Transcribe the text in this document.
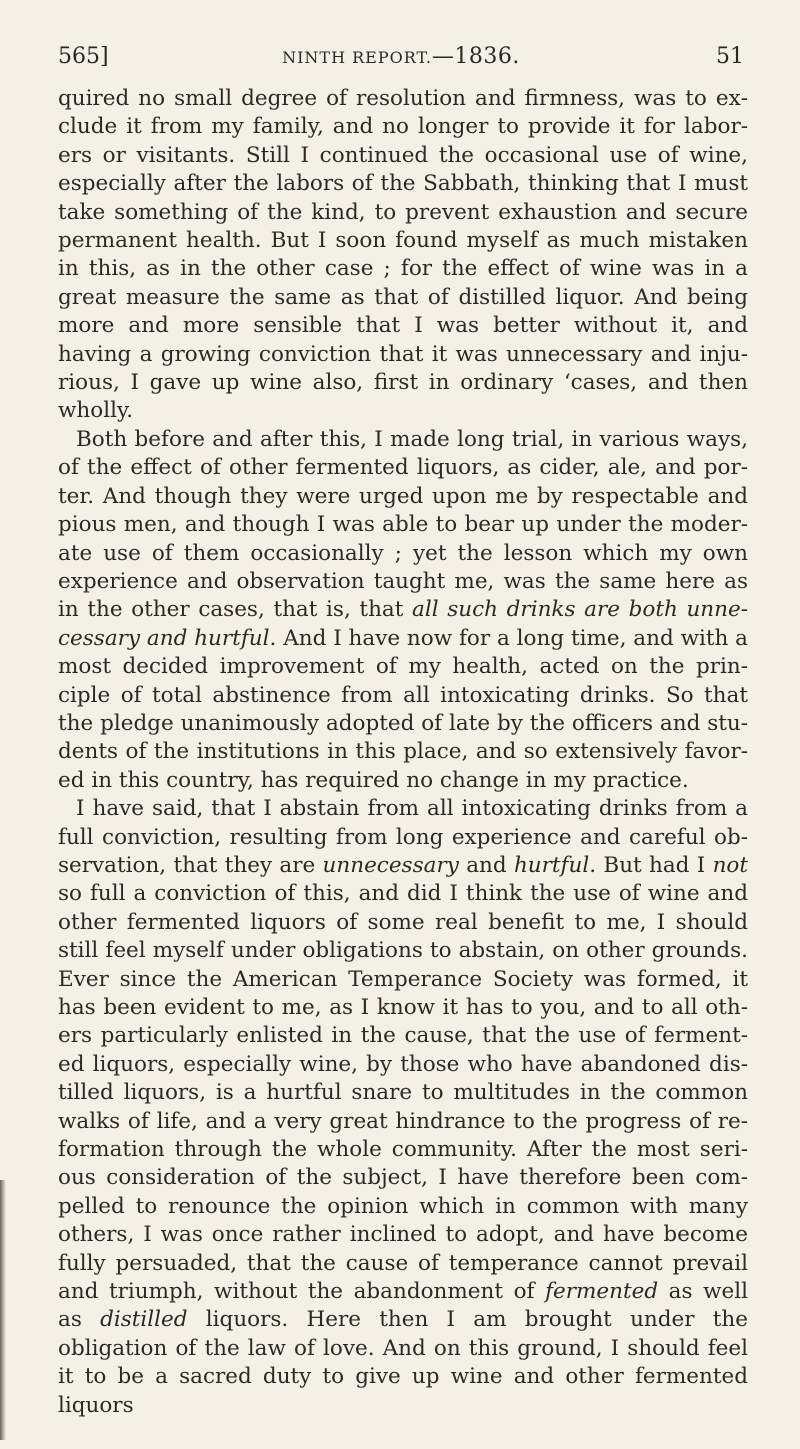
565]	NINTH REPORT.—1836.	51

quired no small degree of resolution and firmness, was to exclude it from my family, and no longer to provide it for laborers or visitants. Still I continued the occasional use of wine, especially after the labors of the Sabbath, thinking that I must take something of the kind, to prevent exhaustion and secure permanent health. But I soon found myself as much mistaken in this, as in the other case ; for the effect of wine was in a great measure the same as that of distilled liquor. And being more and more sensible that I was better without it, and having a growing conviction that it was unnecessary and injurious, I gave up wine also, first in ordinary ‘cases, and then wholly.

Both before and after this, I made long trial, in various ways, of the effect of other fermented liquors, as cider, ale, and porter. And though they were urged upon me by respectable and pious men, and though I was able to bear up under the moderate use of them occasionally ; yet the lesson which my own experience and observation taught me, was the same here as in the other cases, that is, that all such drinks are both unnecessary and hurtful. And I have now for a long time, and with a most decided improvement of my health, acted on the principle of total abstinence from all intoxicating drinks. So that the pledge unanimously adopted of late by the officers and students of the institutions in this place, and so extensively favored in this country, has required no change in my practice.

I have said, that I abstain from all intoxicating drinks from a full conviction, resulting from long experience and careful observation, that they are unnecessary and hurtful. But had I not so full a conviction of this, and did I think the use of wine and other fermented liquors of some real benefit to me, I should still feel myself under obligations to abstain, on other grounds. Ever since the American Temperance Society was formed, it has been evident to me, as I know it has to you, and to all others particularly enlisted in the cause, that the use of fermented liquors, especially wine, by those who have abandoned distilled liquors, is a hurtful snare to multitudes in the common walks of life, and a very great hindrance to the progress of reformation through the whole community. After the most serious consideration of the subject, I have therefore been compelled to renounce the opinion which in common with many others, I was once rather inclined to adopt, and have become fully persuaded, that the cause of temperance cannot prevail and triumph, without the abandonment of fermented as well as distilled liquors. Here then I am brought under the obligation of the law of love. And on this ground, I should feel it to be a sacred duty to give up wine and other fermented liquors
